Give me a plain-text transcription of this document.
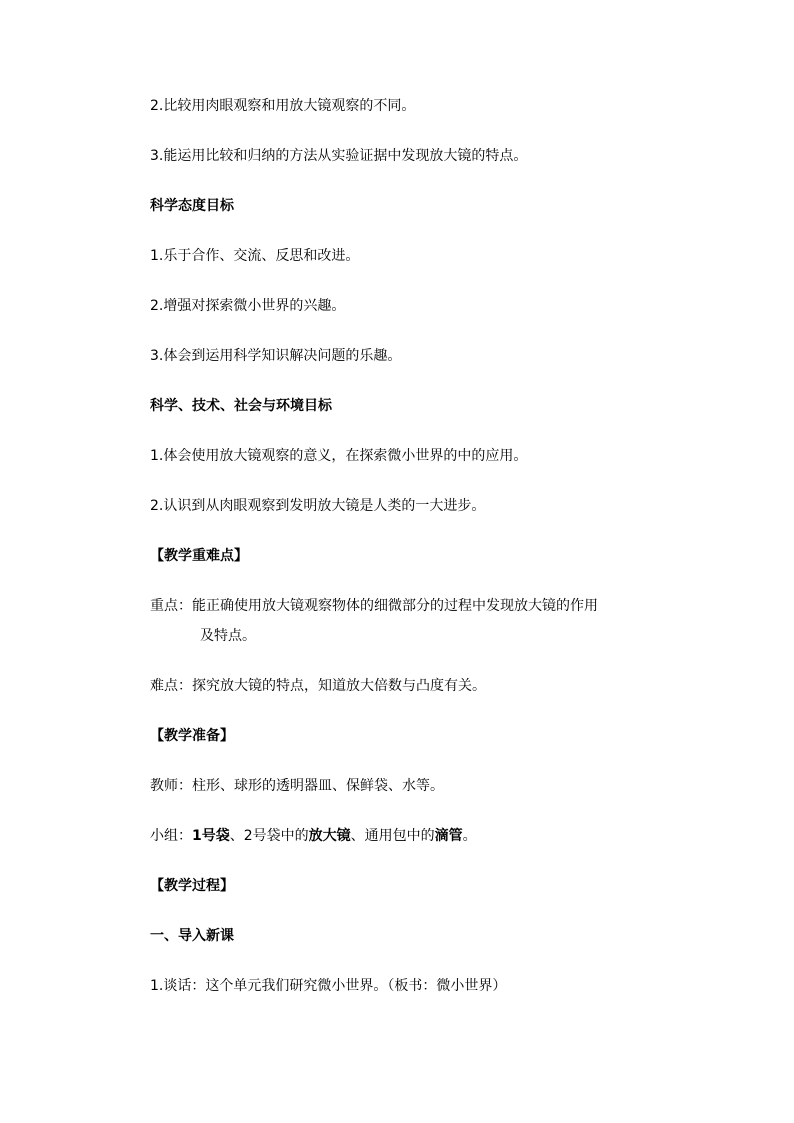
2.比较用肉眼观察和用放大镜观察的不同。

3.能运用比较和归纳的方法从实验证据中发现放大镜的特点。

科学态度目标

1.乐于合作、交流、反思和改进。

2.增强对探索微小世界的兴趣。

3.体会到运用科学知识解决问题的乐趣。

科学、技术、社会与环境目标

1.体会使用放大镜观察的意义，在探索微小世界的中的应用。

2.认识到从肉眼观察到发明放大镜是人类的一大进步。

【教学重难点】

重点：能正确使用放大镜观察物体的细微部分的过程中发现放大镜的作用

及特点。

难点：探究放大镜的特点，知道放大倍数与凸度有关。

【教学准备】

教师：柱形、球形的透明器皿、保鲜袋、水等。

小组：1号袋、2号袋中的放大镜、通用包中的滴管。

【教学过程】

一、导入新课

1.谈话：这个单元我们研究微小世界。（板书：微小世界）
